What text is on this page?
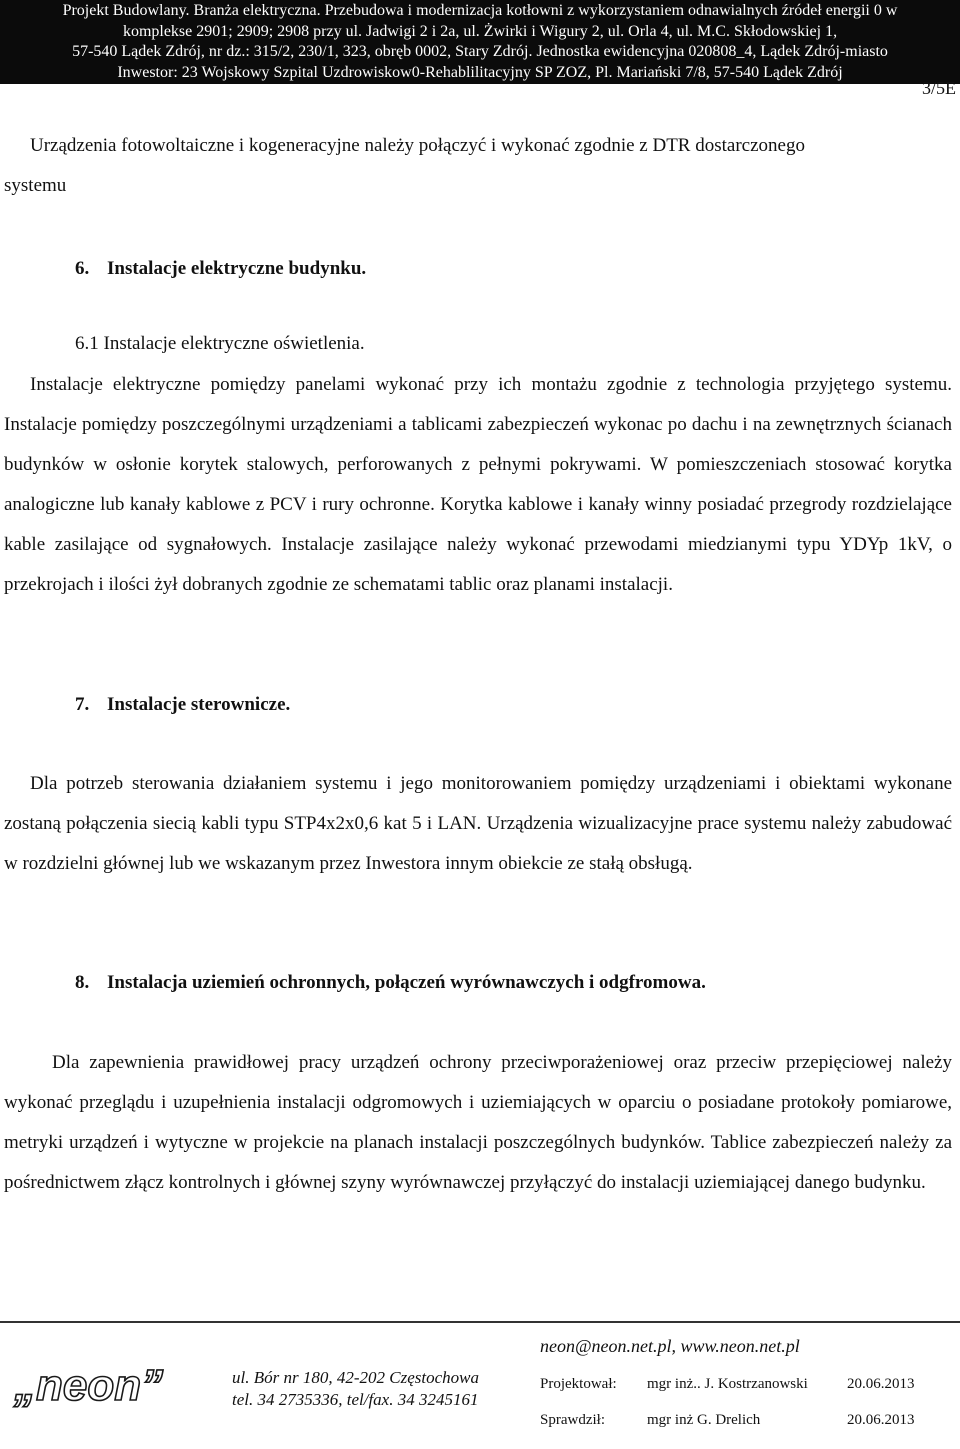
Projekt Budowlany. Branża elektryczna. Przebudowa i modernizacja kotłowni z wykorzystaniem odnawialnych źródeł energii 0 w
komplekse 2901; 2909; 2908 przy ul. Jadwigi 2 i 2a, ul. Żwirki i Wigury 2, ul. Orla 4, ul. M.C. Skłodowskiej 1,
57-540 Lądek Zdrój, nr dz.: 315/2, 230/1, 323, obręb 0002, Stary Zdrój. Jednostka ewidencyjna 020808_4, Lądek Zdrój-miasto
Inwestor: 23 Wojskowy Szpital Uzdrowiskow0-Rehablilitacyjny SP ZOZ, Pl. Mariański 7/8, 57-540 Lądek Zdrój
3/5E
Urządzenia fotowoltaiczne i kogeneracyjne należy połączyć i wykonać zgodnie z DTR dostarczonego
systemu
6. Instalacje elektryczne budynku.
6.1 Instalacje elektryczne oświetlenia.

Instalacje elektryczne pomiędzy panelami wykonać przy ich montażu zgodnie z technologia przyjętego systemu. Instalacje pomiędzy poszczególnymi urządzeniami a tablicami zabezpieczeń wykonac po dachu i na zewnętrznych ścianach budynków w osłonie korytek stalowych, perforowanych z pełnymi pokrywami. W pomieszczeniach stosować korytka analogiczne lub kanały kablowe z PCV i rury ochronne. Korytka kablowe i kanały winny posiadać przegrody rozdzielające kable zasilające od sygnałowych. Instalacje zasilające należy wykonać przewodami miedzianymi typu YDYp 1kV, o przekrojach i ilości żył dobranych zgodnie ze schematami tablic oraz planami instalacji.

7. Instalacje sterownicze.

Dla potrzeb sterowania działaniem systemu i jego monitorowaniem pomiędzy urządzeniami i obiektami wykonane zostaną połączenia siecią kabli typu STP4x2x0,6 kat 5 i LAN. Urządzenia wizualizacyjne prace systemu należy zabudować w rozdzielni głównej lub we wskazanym przez Inwestora innym obiekcie ze stałą obsługą.

8. Instalacja uziemień ochronnych, połączeń wyrównawczych i odgfromowa.

Dla zapewnienia prawidłowej pracy urządzeń ochrony przeciwporażeniowej oraz przeciw przepięciowej należy wykonać przeglądu i uzupełnienia instalacji odgromowych i uziemiających w oparciu o posiadane protokoły pomiarowe, metryki urządzeń i wytyczne w projekcie na planach instalacji poszczególnych budynków. Tablice zabezpieczeń należy za pośrednictwem złącz kontrolnych i głównej szyny wyrównawczej przyłączyć do instalacji uziemiającej danego budynku.

„neon”	ul. Bór nr 180, 42-202 Częstochowa
tel. 34 2735336, tel/fax. 34 3245161
neon@neon.net.pl, www.neon.net.pl
Projektował:	mgr inż.. J. Kostrzanowski	20.06.2013
Sprawdził:	mgr inż G. Drelich	20.06.2013
